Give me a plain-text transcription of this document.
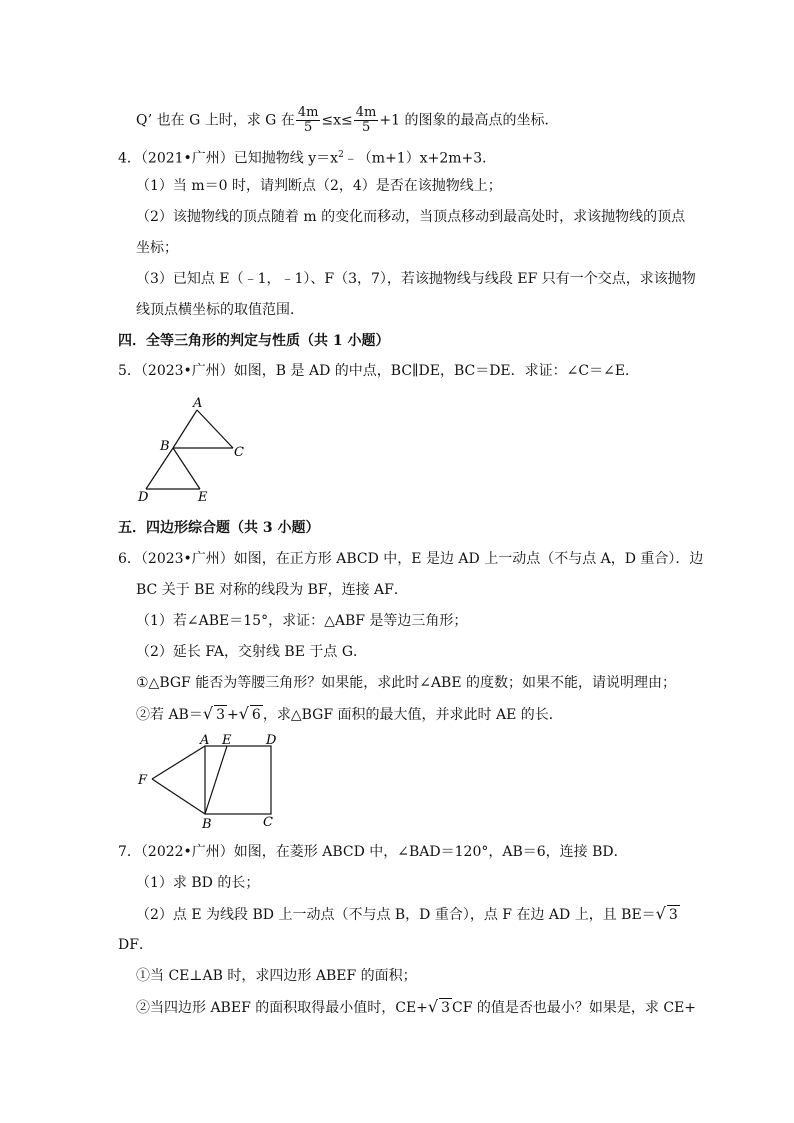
Q’ 也在 G 上时，求 G 在 $\frac{4m}{5} \le x\le \frac{4m}{5} +1$ 的图象的最高点的坐标．
4．（2021•广州）已知抛物线 $y=x^2﹣(m+1)x+2m+3$．
（1）当 m＝0 时，请判断点（2，4）是否在该抛物线上；
（2）该抛物线的顶点随着 m 的变化而移动，当顶点移动到最高处时，求该抛物线的顶点
坐标；
（3）已知点 E（﹣1，﹣1）、F（3，7），若该抛物线与线段 EF 只有一个交点，求该抛物
线顶点横坐标的取值范围．
四．全等三角形的判定与性质（共 1 小题）
5．（2023•广州）如图，B 是 AD 的中点，BC∥DE，BC＝DE．求证：∠C＝∠E．
A
B	C
D	E
五．四边形综合题（共 3 小题）
6．（2023•广州）如图，在正方形 ABCD 中，E 是边 AD 上一动点（不与点 A，D 重合）．边
BC 关于 BE 对称的线段为 BF，连接 AF．
（1）若∠ABE＝15°，求证：△ABF 是等边三角形；
（2）延长 FA，交射线 BE 于点 G．
①△BGF 能否为等腰三角形？如果能，求此时∠ABE 的度数；如果不能，请说明理由；
②若 AB＝√ 3 +√ 6 ，求△BGF 面积的最大值，并求此时 AE 的长．
A E	D
F
B	C
7．（2022•广州）如图，在菱形 ABCD 中，∠BAD＝120°，AB＝6，连接 BD．
（1）求 BD 的长；
（2）点 E 为线段 BD 上一动点（不与点 B，D 重合），点 F 在边 AD 上，且 BE＝√ 3
DF．
①当 CE⊥AB 时，求四边形 ABEF 的面积；
②当四边形 ABEF 的面积取得最小值时，CE+√ 3 CF 的值是否也最小？如果是，求 CE+
